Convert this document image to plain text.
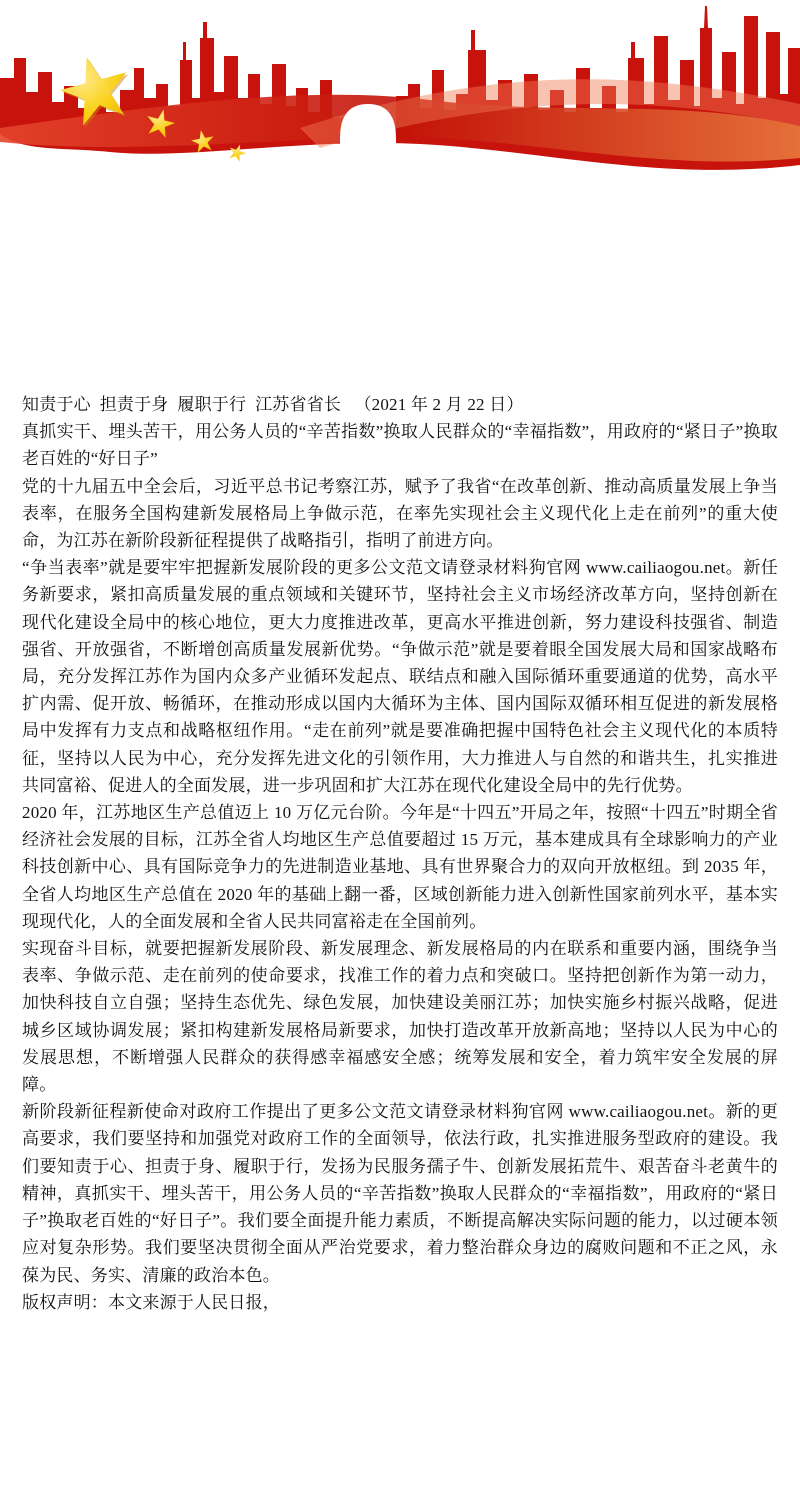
知责于心  担责于身  履职于行  江苏省省长   （2021 年 2 月 22 日）

真抓实干、埋头苦干，用公务人员的“辛苦指数”换取人民群众的“幸福指数”，用政府的“紧日子”换取老百姓的“好日子”

党的十九届五中全会后，习近平总书记考察江苏，赋予了我省“在改革创新、推动高质量发展上争当表率，在服务全国构建新发展格局上争做示范，在率先实现社会主义现代化上走在前列”的重大使命，为江苏在新阶段新征程提供了战略指引，指明了前进方向。

“争当表率”就是要牢牢把握新发展阶段的更多公文范文请登录材料狗官网 www.cailiaogou.net。新任务新要求，紧扣高质量发展的重点领域和关键环节，坚持社会主义市场经济改革方向，坚持创新在现代化建设全局中的核心地位，更大力度推进改革，更高水平推进创新，努力建设科技强省、制造强省、开放强省，不断增创高质量发展新优势。“争做示范”就是要着眼全国发展大局和国家战略布局，充分发挥江苏作为国内众多产业循环发起点、联结点和融入国际循环重要通道的优势，高水平扩内需、促开放、畅循环，在推动形成以国内大循环为主体、国内国际双循环相互促进的新发展格局中发挥有力支点和战略枢纽作用。“走在前列”就是要准确把握中国特色社会主义现代化的本质特征，坚持以人民为中心，充分发挥先进文化的引领作用，大力推进人与自然的和谐共生，扎实推进共同富裕、促进人的全面发展，进一步巩固和扩大江苏在现代化建设全局中的先行优势。

2020 年，江苏地区生产总值迈上 10 万亿元台阶。今年是“十四五”开局之年，按照“十四五”时期全省经济社会发展的目标，江苏全省人均地区生产总值要超过 15 万元，基本建成具有全球影响力的产业科技创新中心、具有国际竞争力的先进制造业基地、具有世界聚合力的双向开放枢纽。到 2035 年，全省人均地区生产总值在 2020 年的基础上翻一番，区域创新能力进入创新性国家前列水平，基本实现现代化，人的全面发展和全省人民共同富裕走在全国前列。

实现奋斗目标，就要把握新发展阶段、新发展理念、新发展格局的内在联系和重要内涵，围绕争当表率、争做示范、走在前列的使命要求，找准工作的着力点和突破口。坚持把创新作为第一动力，加快科技自立自强；坚持生态优先、绿色发展，加快建设美丽江苏；加快实施乡村振兴战略，促进城乡区域协调发展；紧扣构建新发展格局新要求，加快打造改革开放新高地；坚持以人民为中心的发展思想，不断增强人民群众的获得感幸福感安全感；统筹发展和安全，着力筑牢安全发展的屏障。

新阶段新征程新使命对政府工作提出了更多公文范文请登录材料狗官网 www.cailiaogou.net。新的更高要求，我们要坚持和加强党对政府工作的全面领导，依法行政，扎实推进服务型政府的建设。我们要知责于心、担责于身、履职于行，发扬为民服务孺子牛、创新发展拓荒牛、艰苦奋斗老黄牛的精神，真抓实干、埋头苦干，用公务人员的“辛苦指数”换取人民群众的“幸福指数”，用政府的“紧日子”换取老百姓的“好日子”。我们要全面提升能力素质，不断提高解决实际问题的能力，以过硬本领应对复杂形势。我们要坚决贯彻全面从严治党要求，着力整治群众身边的腐败问题和不正之风，永葆为民、务实、清廉的政治本色。

版权声明：本文来源于人民日报，
